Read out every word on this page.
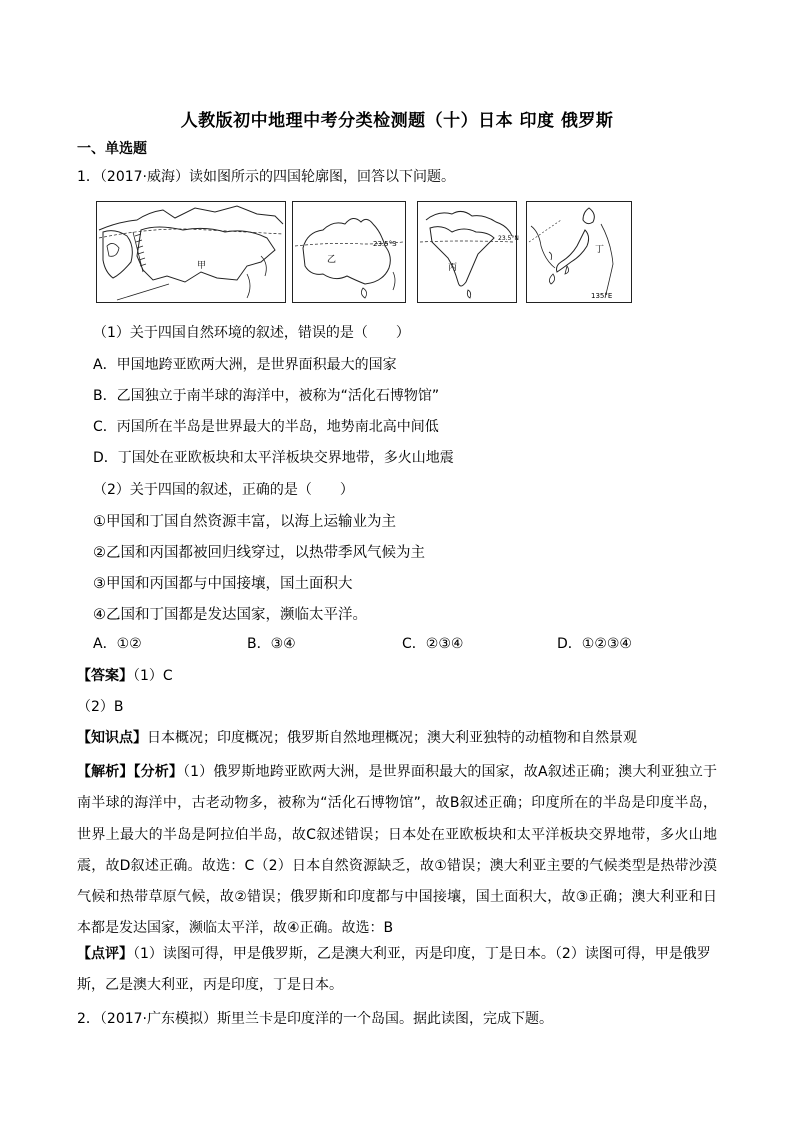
人教版初中地理中考分类检测题（十）日本 印度 俄罗斯
一、单选题
1．（2017·威海）读如图所示的四国轮廓图，回答以下问题。
甲
23.5°S
乙
23.5°N
丙
135°E
丁
（1）关于四国自然环境的叙述，错误的是（　　）
A．甲国地跨亚欧两大洲，是世界面积最大的国家
B．乙国独立于南半球的海洋中，被称为“活化石博物馆”
C．丙国所在半岛是世界最大的半岛，地势南北高中间低
D．丁国处在亚欧板块和太平洋板块交界地带，多火山地震
（2）关于四国的叙述，正确的是（　　）
①甲国和丁国自然资源丰富，以海上运输业为主
②乙国和丙国都被回归线穿过，以热带季风气候为主
③甲国和丙国都与中国接壤，国土面积大
④乙国和丁国都是发达国家，濒临太平洋。
A．①②	B．③④	C．②③④	D．①②③④
【答案】（1）C
（2）B
【知识点】日本概况；印度概况；俄罗斯自然地理概况；澳大利亚独特的动植物和自然景观
【解析】【分析】（1）俄罗斯地跨亚欧两大洲，是世界面积最大的国家，故A叙述正确；澳大利亚独立于南半球的海洋中，古老动物多，被称为“活化石博物馆”，故B叙述正确；印度所在的半岛是印度半岛，世界上最大的半岛是阿拉伯半岛，故C叙述错误；日本处在亚欧板块和太平洋板块交界地带，多火山地震，故D叙述正确。故选：C（2）日本自然资源缺乏，故①错误；澳大利亚主要的气候类型是热带沙漠气候和热带草原气候，故②错误；俄罗斯和印度都与中国接壤，国土面积大，故③正确；澳大利亚和日本都是发达国家，濒临太平洋，故④正确。故选：B
【点评】（1）读图可得，甲是俄罗斯，乙是澳大利亚，丙是印度，丁是日本。（2）读图可得，甲是俄罗斯，乙是澳大利亚，丙是印度，丁是日本。
2．（2017·广东模拟）斯里兰卡是印度洋的一个岛国。据此读图，完成下题。
